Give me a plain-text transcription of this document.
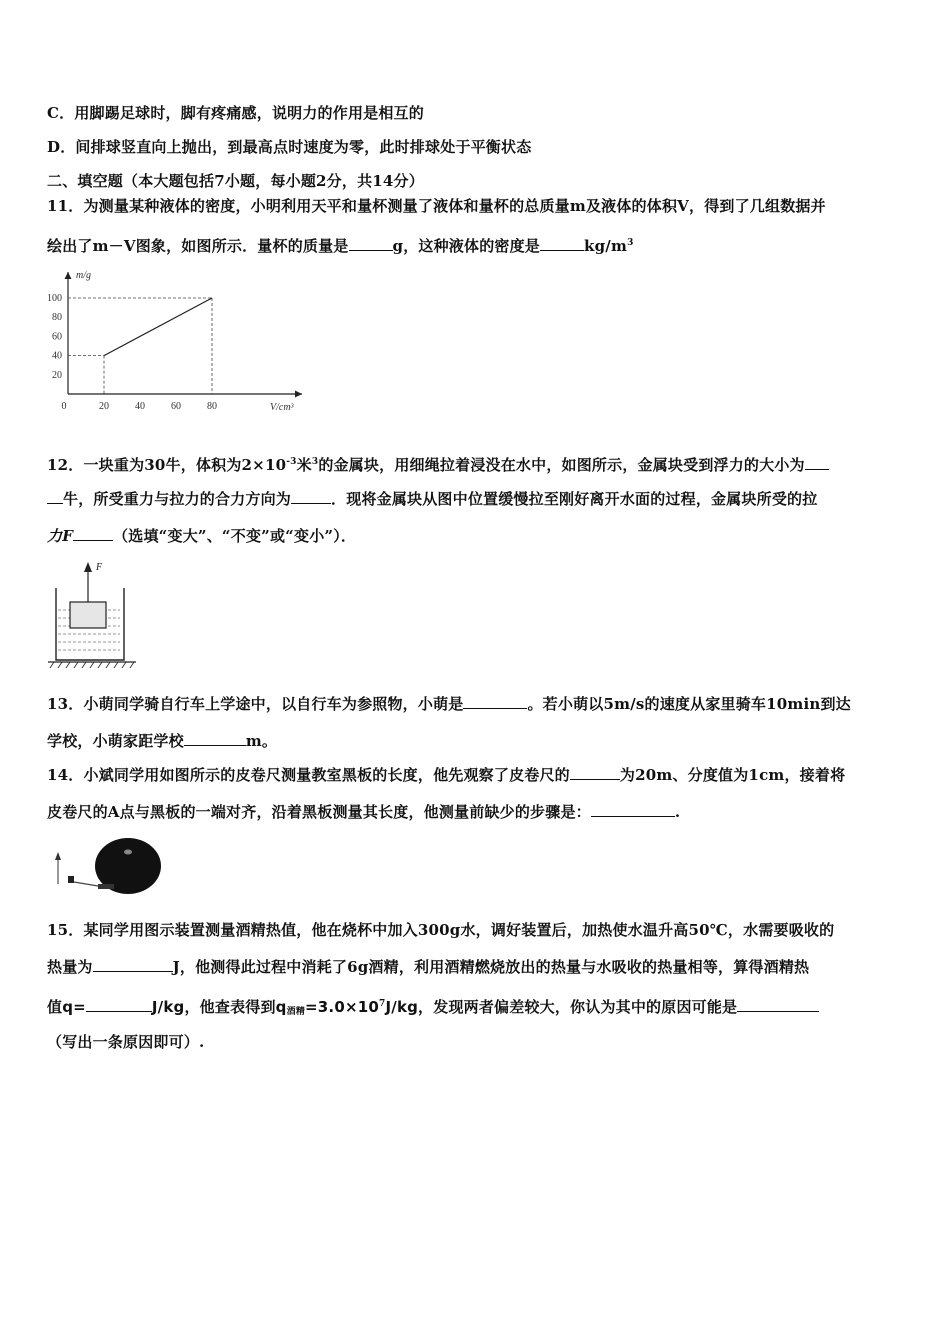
C．用脚踢足球时，脚有疼痛感，说明力的作用是相互的
D．间排球竖直向上抛出，到最高点时速度为零，此时排球处于平衡状态
二、填空题（本大题包括7小题，每小题2分，共14分）
11．为测量某种液体的密度，小明利用天平和量杯测量了液体和量杯的总质量m及液体的体积V，得到了几组数据并
绘出了m－V图象，如图所示．量杯的质量是	g，这种液体的密度是	$kg/m^3$
0	20	40	60	80
20
40
60
80
100
m/g
V/cm³
12．一块重为30牛，体积为$2\times 10^{-3}$米$^3$的金属块，用细绳拉着浸没在水中，如图所示，金属块受到浮力的大小为
牛，所受重力与拉力的合力方向为	．现将金属块从图中位置缓慢拉至刚好离开水面的过程，金属块所受的拉
力F	（选填“变大”、“不变”或“变小”）．
F
13．小萌同学骑自行车上学途中，以自行车为参照物，小萌是	。若小萌以5m/s的速度从家里骑车10min到达
学校，小萌家距学校	m。
14．小斌同学用如图所示的皮卷尺测量教室黑板的长度，他先观察了皮卷尺的	为20m、分度值为1cm，接着将
皮卷尺的A点与黑板的一端对齐，沿着黑板测量其长度，他测量前缺少的步骤是：	.
15．某同学用图示装置测量酒精热值，他在烧杯中加入300g水，调好装置后，加热使水温升高50℃，水需要吸收的
热量为	J，他测得此过程中消耗了6g酒精，利用酒精燃烧放出的热量与水吸收的热量相等，算得酒精热
值q=	J/kg，他查表得到$q_{酒精}=3.0\times 10^7J/kg$，发现两者偏差较大，你认为其中的原因可能是
（写出一条原因即可）.
